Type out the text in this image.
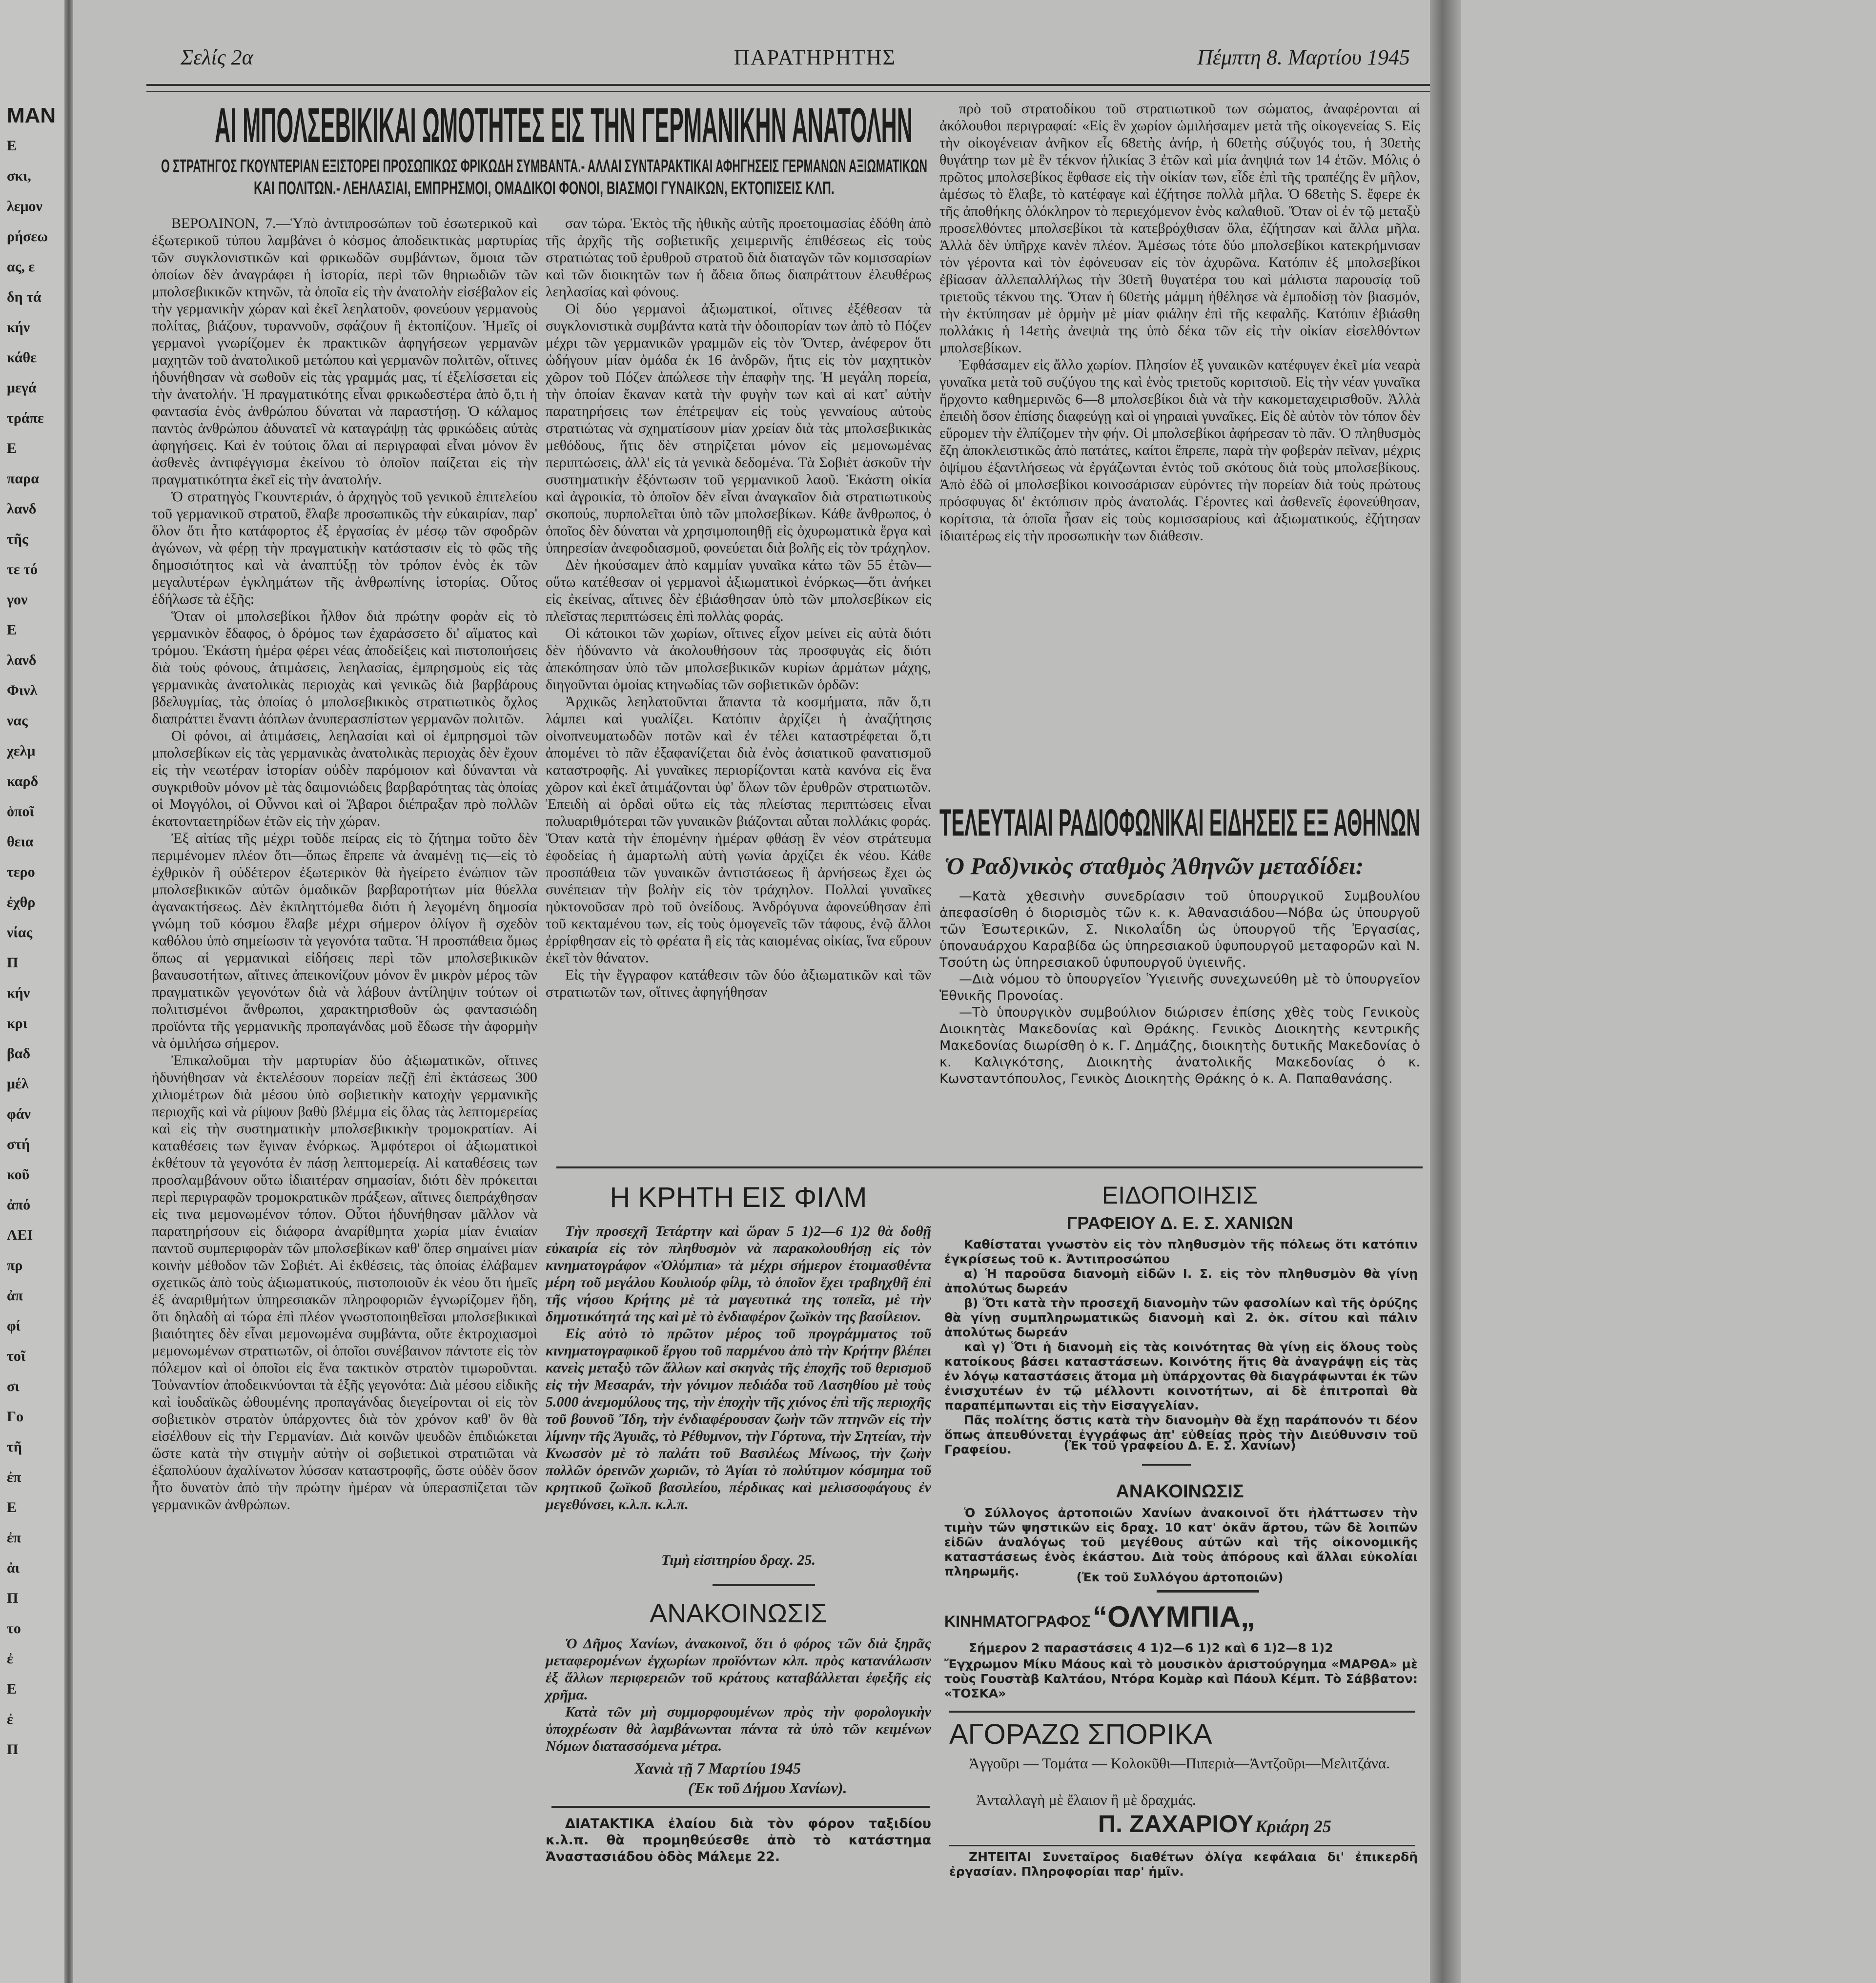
ΜΑΝ
Ε
σκι,
λεμον
ρήσεω
ας, ε
δη τά
κήν
κάθε
μεγά
τράπε
Ε
παρα
λανδ
τῆς
τε τό
γον
Ε
λανδ
Φινλ
νας
χελμ
καρδ
ὁποῖ
θεια
τερο
ἐχθρ
νίας
Π
κήν
κρι
βαδ
μέλ
φάν
στή
κοῦ
ἀπό
ΛΕΙ
πρ
ἀπ
φί
τοῖ
σι
Γο
τῆ
ἐπ
Ε
ἐπ
ἀι
Π
το
ἐ
Ε
ἐ
Π
Σελίς 2α	ΠΑΡΑΤΗΡΗΤΗΣ	Πέμπτη 8. Μαρτίου 1945
ΑΙ ΜΠΟΛΣΕΒΙΚΙΚΑΙ ΩΜΟΤΗΤΕΣ ΕΙΣ ΤΗΝ ΓΕΡΜΑΝΙΚΗΝ ΑΝΑΤΟΛΗΝ
Ο ΣΤΡΑΤΗΓΟΣ ΓΚΟΥΝΤΕΡΙΑΝ ΕΞΙΣΤΟΡΕΙ ΠΡΟΣΩΠΙΚΩΣ ΦΡΙΚΩΔΗ ΣΥΜΒΑΝΤΑ.- ΑΛΛΑΙ ΣΥΝΤΑΡΑΚΤΙΚΑΙ ΑΦΗΓΗΣΕΙΣ ΓΕΡΜΑΝΩΝ ΑΞΙΩΜΑΤΙΚΩΝ
ΚΑΙ ΠΟΛΙΤΩΝ.- ΛΕΗΛΑΣΙΑΙ, ΕΜΠΡΗΣΜΟΙ, ΟΜΑΔΙΚΟΙ ΦΟΝΟΙ, ΒΙΑΣΜΟΙ ΓΥΝΑΙΚΩΝ, ΕΚΤΟΠΙΣΕΙΣ ΚΛΠ.

ΒΕΡΟΛΙΝΟΝ, 7.—Ὑπὸ ἀντιπροσώπων τοῦ ἐσωτερικοῦ καὶ ἐξωτερικοῦ τύπου λαμβάνει ὁ κόσμος ἀποδεικτικὰς μαρτυρίας τῶν συγκλονιστικῶν καὶ φρικωδῶν συμβάντων, ὅμοια τῶν ὁποίων δὲν ἀναγράφει ἡ ἱστορία, περὶ τῶν θηριωδιῶν τῶν μπολσεβικικῶν κτηνῶν, τὰ ὁποῖα εἰς τὴν ἀνατολὴν εἰσέβαλον εἰς τὴν γερμανικὴν χώραν καὶ ἐκεῖ λεηλατοῦν, φονεύουν γερμανοὺς πολίτας, βιάζουν, τυραννοῦν, σφάζουν ἢ ἐκτοπίζουν. Ἡμεῖς οἱ γερμανοὶ γνωρίζομεν ἐκ πρακτικῶν ἀφηγήσεων γερμανῶν μαχητῶν τοῦ ἀνατολικοῦ μετώπου καὶ γερμανῶν πολιτῶν, οἵτινες ἠδυνήθησαν νὰ σωθοῦν εἰς τὰς γραμμάς μας, τί ἐξελίσσεται εἰς τὴν ἀνατολήν. Ἡ πραγματικότης εἶναι φρικωδεστέρα ἀπὸ ὅ,τι ἡ φαντασία ἑνὸς ἀνθρώπου δύναται νὰ παραστήσῃ. Ὁ κάλαμος παντὸς ἀνθρώπου ἀδυνατεῖ νὰ καταγράψῃ τὰς φρικώδεις αὐτὰς ἀφηγήσεις. Καὶ ἐν τούτοις ὅλαι αἱ περιγραφαὶ εἶναι μόνον ἓν ἀσθενὲς ἀντιφέγγισμα ἐκείνου τὸ ὁποῖον παίζεται εἰς τὴν πραγματικότητα ἐκεῖ εἰς τὴν ἀνατολήν.

Ὁ στρατηγὸς Γκουντεριάν, ὁ ἀρχηγὸς τοῦ γενικοῦ ἐπιτελείου τοῦ γερμανικοῦ στρατοῦ, ἔλαβε προσωπικῶς τὴν εὐκαιρίαν, παρ' ὅλον ὅτι ἦτο κατάφορτος ἐξ ἐργασίας ἐν μέσῳ τῶν σφοδρῶν ἀγώνων, νὰ φέρῃ τὴν πραγματικὴν κατάστασιν εἰς τὸ φῶς τῆς δημοσιότητος καὶ νὰ ἀναπτύξῃ τὸν τρόπον ἑνὸς ἐκ τῶν μεγαλυτέρων ἐγκλημάτων τῆς ἀνθρωπίνης ἱστορίας. Οὗτος ἐδήλωσε τὰ ἑξῆς:

Ὅταν οἱ μπολσεβίκοι ἦλθον διὰ πρώτην φορὰν εἰς τὸ γερμανικὸν ἔδαφος, ὁ δρόμος των ἐχαράσσετο δι' αἵματος καὶ τρόμου. Ἑκάστη ἡμέρα φέρει νέας ἀποδείξεις καὶ πιστοποιήσεις διὰ τοὺς φόνους, ἀτιμάσεις, λεηλασίας, ἐμπρησμοὺς εἰς τὰς γερμανικὰς ἀνατολικὰς περιοχὰς καὶ γενικῶς διὰ βαρβάρους βδελυγμίας, τὰς ὁποίας ὁ μπολσεβικικὸς στρατιωτικὸς ὄχλος διαπράττει ἔναντι ἀόπλων ἀνυπερασπίστων γερμανῶν πολιτῶν.

Οἱ φόνοι, αἱ ἀτιμάσεις, λεηλασίαι καὶ οἱ ἐμπρησμοὶ τῶν μπολσεβίκων εἰς τὰς γερμανικὰς ἀνατολικὰς περιοχὰς δὲν ἔχουν εἰς τὴν νεωτέραν ἱστορίαν οὐδὲν παρόμοιον καὶ δύνανται νὰ συγκριθοῦν μόνον μὲ τὰς δαιμονιώδεις βαρβαρότητας τὰς ὁποίας οἱ Μογγόλοι, οἱ Οὖννοι καὶ οἱ Ἄβαροι διέπραξαν πρὸ πολλῶν ἑκατονταετηρίδων ἐτῶν εἰς τὴν χώραν.

Ἐξ αἰτίας τῆς μέχρι τοῦδε πείρας εἰς τὸ ζήτημα τοῦτο δὲν περιμένομεν πλέον ὅτι—ὅπως ἔπρεπε νὰ ἀναμένῃ τις—εἰς τὸ ἐχθρικὸν ἢ οὐδέτερον ἐξωτερικὸν θὰ ἠγείρετο ἐνώπιον τῶν μπολσεβικικῶν αὐτῶν ὁμαδικῶν βαρβαροτήτων μία θύελλα ἀγανακτήσεως. Δὲν ἐκπληττόμεθα διότι ἡ λεγομένη δημοσία γνώμη τοῦ κόσμου ἔλαβε μέχρι σήμερον ὀλίγον ἢ σχεδὸν καθόλου ὑπὸ σημείωσιν τὰ γεγονότα ταῦτα. Ἡ προσπάθεια ὅμως ὅπως αἱ γερμανικαὶ εἰδήσεις περὶ τῶν μπολσεβικικῶν βαναυσοτήτων, αἵτινες ἀπεικονίζουν μόνον ἓν μικρὸν μέρος τῶν πραγματικῶν γεγονότων διὰ νὰ λάβουν ἀντίληψιν τούτων οἱ πολιτισμένοι ἄνθρωποι, χαρακτηρισθοῦν ὡς φαντασιώδη προϊόντα τῆς γερμανικῆς προπαγάνδας μοῦ ἔδωσε τὴν ἀφορμὴν νὰ ὁμιλήσω σήμερον.

Ἐπικαλοῦμαι τὴν μαρτυρίαν δύο ἀξιωματικῶν, οἵτινες ἠδυνήθησαν νὰ ἐκτελέσουν πορείαν πεζῇ ἐπὶ ἐκτάσεως 300 χιλιομέτρων διὰ μέσου ὑπὸ σοβιετικὴν κατοχὴν γερμανικῆς περιοχῆς καὶ νὰ ρίψουν βαθὺ βλέμμα εἰς ὅλας τὰς λεπτομερείας καὶ εἰς τὴν συστηματικὴν μπολσεβικικὴν τρομοκρατίαν. Αἱ καταθέσεις των ἔγιναν ἐνόρκως. Ἀμφότεροι οἱ ἀξιωματικοὶ ἐκθέτουν τὰ γεγονότα ἐν πάσῃ λεπτομερείᾳ. Αἱ καταθέσεις των προσλαμβάνουν οὕτω ἰδιαιτέραν σημασίαν, διότι δὲν πρόκειται περὶ περιγραφῶν τρομοκρατικῶν πράξεων, αἵτινες διεπράχθησαν εἰς τινα μεμονωμένον τόπον. Οὗτοι ἠδυνήθησαν μᾶλλον νὰ παρατηρήσουν εἰς διάφορα ἀναρίθμητα χωρία μίαν ἑνιαίαν παντοῦ συμπεριφορὰν τῶν μπολσεβίκων καθ' ὅπερ σημαίνει μίαν κοινὴν μέθοδον τῶν Σοβιέτ. Αἱ ἐκθέσεις, τὰς ὁποίας ἐλάβαμεν σχετικῶς ἀπὸ τοὺς ἀξιωματικούς, πιστοποιοῦν ἐκ νέου ὅτι ἡμεῖς ἐξ ἀναριθμήτων ὑπηρεσιακῶν πληροφοριῶν ἐγνωρίζομεν ἤδη, ὅτι δηλαδὴ αἱ τώρα ἐπὶ πλέον γνωστοποιηθεῖσαι μπολσεβικικαὶ βιαιότητες δὲν εἶναι μεμονωμένα συμβάντα, οὔτε ἐκτροχιασμοὶ μεμονωμένων στρατιωτῶν, οἱ ὁποῖοι συνέβαινον πάντοτε εἰς τὸν πόλεμον καὶ οἱ ὁποῖοι εἰς ἕνα τακτικὸν στρατὸν τιμωροῦνται. Τοὐναντίον ἀποδεικνύονται τὰ ἑξῆς γεγονότα: Διὰ μέσου εἰδικῆς καὶ ἰουδαϊκῶς ὠθουμένης προπαγάνδας διεγείρονται οἱ εἰς τὸν σοβιετικὸν στρατὸν ὑπάρχοντες διὰ τὸν χρόνον καθ' ὃν θὰ εἰσέλθουν εἰς τὴν Γερμανίαν. Διὰ κοινῶν ψευδῶν ἐπιδιώκεται ὥστε κατὰ τὴν στιγμὴν αὐτὴν οἱ σοβιετικοὶ στρατιῶται νὰ ἐξαπολύουν ἀχαλίνωτον λύσσαν καταστροφῆς, ὥστε οὐδὲν ὅσον ἦτο δυνατὸν ἀπὸ τὴν πρώτην ἡμέραν νὰ ὑπερασπίζεται τῶν γερμανικῶν ἀνθρώπων.

σαν τώρα. Ἐκτὸς τῆς ἠθικῆς αὐτῆς προετοιμασίας ἐδόθη ἀπὸ τῆς ἀρχῆς τῆς σοβιετικῆς χειμερινῆς ἐπιθέσεως εἰς τοὺς στρατιώτας τοῦ ἐρυθροῦ στρατοῦ διὰ διαταγῶν τῶν κομισσαρίων καὶ τῶν διοικητῶν των ἡ ἄδεια ὅπως διαπράττουν ἐλευθέρως λεηλασίας καὶ φόνους.

Οἱ δύο γερμανοὶ ἀξιωματικοί, οἵτινες ἐξέθεσαν τὰ συγκλονιστικὰ συμβάντα κατὰ τὴν ὁδοιπορίαν των ἀπὸ τὸ Πόζεν μέχρι τῶν γερμανικῶν γραμμῶν εἰς τὸν Ὄντερ, ἀνέφερον ὅτι ὡδήγουν μίαν ὁμάδα ἐκ 16 ἀνδρῶν, ἥτις εἰς τὸν μαχητικὸν χῶρον τοῦ Πόζεν ἀπώλεσε τὴν ἐπαφὴν της. Ἡ μεγάλη πορεία, τὴν ὁποίαν ἔκαναν κατὰ τὴν φυγὴν των καὶ αἱ κατ' αὐτὴν παρατηρήσεις των ἐπέτρεψαν εἰς τοὺς γενναίους αὐτοὺς στρατιώτας νὰ σχηματίσουν μίαν χρείαν διὰ τὰς μπολσεβικικὰς μεθόδους, ἥτις δὲν στηρίζεται μόνον εἰς μεμονωμένας περιπτώσεις, ἀλλ' εἰς τὰ γενικὰ δεδομένα. Τὰ Σοβιὲτ ἀσκοῦν τὴν συστηματικὴν ἐξόντωσιν τοῦ γερμανικοῦ λαοῦ. Ἑκάστη οἰκία καὶ ἀγροικία, τὸ ὁποῖον δὲν εἶναι ἀναγκαῖον διὰ στρατιωτικοὺς σκοπούς, πυρπολεῖται ὑπὸ τῶν μπολσεβίκων. Κάθε ἄνθρωπος, ὁ ὁποῖος δὲν δύναται νὰ χρησιμοποιηθῇ εἰς ὀχυρωματικὰ ἔργα καὶ ὑπηρεσίαν ἀνεφοδιασμοῦ, φονεύεται διὰ βολῆς εἰς τὸν τράχηλον.

Δὲν ἠκούσαμεν ἀπὸ καμμίαν γυναῖκα κάτω τῶν 55 ἐτῶν—οὕτω κατέθεσαν οἱ γερμανοὶ ἀξιωματικοὶ ἐνόρκως—ὅτι ἀνήκει εἰς ἐκείνας, αἵτινες δὲν ἐβιάσθησαν ὑπὸ τῶν μπολσεβίκων εἰς πλεῖστας περιπτώσεις ἐπὶ πολλὰς φοράς.

Οἱ κάτοικοι τῶν χωρίων, οἵτινες εἶχον μείνει εἰς αὐτὰ διότι δὲν ἠδύναντο νὰ ἀκολουθήσουν τὰς προσφυγὰς εἰς διότι ἀπεκόπησαν ὑπὸ τῶν μπολσεβικικῶν κυρίων ἁρμάτων μάχης, διηγοῦνται ὁμοίας κτηνωδίας τῶν σοβιετικῶν ὁρδῶν:

Ἀρχικῶς λεηλατοῦνται ἅπαντα τὰ κοσμήματα, πᾶν ὅ,τι λάμπει καὶ γυαλίζει. Κατόπιν ἀρχίζει ἡ ἀναζήτησις οἰνοπνευματωδῶν ποτῶν καὶ ἐν τέλει καταστρέφεται ὅ,τι ἀπομένει τὸ πᾶν ἐξαφανίζεται διὰ ἐνὸς ἀσιατικοῦ φανατισμοῦ καταστροφῆς. Αἱ γυναῖκες περιορίζονται κατὰ κανόνα εἰς ἕνα χῶρον καὶ ἐκεῖ ἀτιμάζονται ὑφ' ὅλων τῶν ἐρυθρῶν στρατιωτῶν. Ἐπειδὴ αἱ ὁρδαὶ οὕτω εἰς τὰς πλείστας περιπτώσεις εἶναι πολυαριθμότεραι τῶν γυναικῶν βιάζονται αὗται πολλάκις φοράς. Ὅταν κατὰ τὴν ἑπομένην ἡμέραν φθάσῃ ἓν νέον στράτευμα ἐφοδείας ἡ ἁμαρτωλὴ αὐτὴ γωνία ἀρχίζει ἐκ νέου. Κάθε προσπάθεια τῶν γυναικῶν ἀντιστάσεως ἢ ἀρνήσεως ἔχει ὡς συνέπειαν τὴν βολὴν εἰς τὸν τράχηλον. Πολλαὶ γυναῖκες ηὐκτονοῦσαν πρὸ τοῦ ὀνείδους. Ἀνδρόγυνα ἀφονεύθησαν ἐπὶ τοῦ κεκταμένου των, εἰς τοὺς ὁμογενεῖς τῶν τάφους, ἐνῷ ἄλλοι ἐρρίφθησαν εἰς τὸ φρέατα ἢ εἰς τὰς καιομένας οἰκίας, ἵνα εὕρουν ἐκεῖ τὸν θάνατον.

Εἰς τὴν ἔγγραφον κατάθεσιν τῶν δύο ἀξιωματικῶν καὶ τῶν στρατιωτῶν των, οἵτινες ἀφηγήθησαν

πρὸ τοῦ στρατοδίκου τοῦ στρατιωτικοῦ των σώματος, ἀναφέρονται αἱ ἀκόλουθοι περιγραφαί: «Εἰς ἓν χωρίον ὡμιλήσαμεν μετὰ τῆς οἰκογενείας S. Εἰς τὴν οἰκογένειαν ἀνῆκον εἷς 68ετὴς ἀνήρ, ἡ 60ετὴς σύζυγός του, ἡ 30ετὴς θυγάτηρ των μὲ ἓν τέκνον ἡλικίας 3 ἐτῶν καὶ μία ἀνηψιά των 14 ἐτῶν. Μόλις ὁ πρῶτος μπολσεβίκος ἔφθασε εἰς τὴν οἰκίαν των, εἶδε ἐπὶ τῆς τραπέζης ἓν μῆλον, ἀμέσως τὸ ἔλαβε, τὸ κατέφαγε καὶ ἐζήτησε πολλὰ μῆλα. Ὁ 68ετὴς S. ἔφερε ἐκ τῆς ἀποθήκης ὁλόκληρον τὸ περιεχόμενον ἑνὸς καλαθιοῦ. Ὅταν οἱ ἐν τῷ μεταξὺ προσελθόντες μπολσεβίκοι τὰ κατεβρόχθισαν ὅλα, ἐζήτησαν καὶ ἄλλα μῆλα. Ἀλλὰ δὲν ὑπῆρχε κανὲν πλέον. Ἀμέσως τότε δύο μπολσεβίκοι κατεκρήμνισαν τὸν γέροντα καὶ τὸν ἐφόνευσαν εἰς τὸν ἀχυρῶνα. Κατόπιν ἐξ μπολσεβίκοι ἐβίασαν ἀλλεπαλλήλως τὴν 30ετῆ θυγατέρα του καὶ μάλιστα παρουσίᾳ τοῦ τριετοῦς τέκνου της. Ὅταν ἡ 60ετὴς μάμμη ἠθέλησε νὰ ἐμποδίσῃ τὸν βιασμόν, τὴν ἐκτύπησαν μὲ ὁρμὴν μὲ μίαν φιάλην ἐπὶ τῆς κεφαλῆς. Κατόπιν ἐβιάσθη πολλάκις ἡ 14ετὴς ἀνεψιὰ της ὑπὸ δέκα τῶν εἰς τὴν οἰκίαν εἰσελθόντων μπολσεβίκων.

Ἐφθάσαμεν εἰς ἄλλο χωρίον. Πλησίον ἐξ γυναικῶν κατέφυγεν ἐκεῖ μία νεαρὰ γυναῖκα μετὰ τοῦ συζύγου της καὶ ἑνὸς τριετοῦς κοριτσιοῦ. Εἰς τὴν νέαν γυναῖκα ἤρχοντο καθημερινῶς 6—8 μπολσεβίκοι διὰ νὰ τὴν κακομεταχειρισθοῦν. Ἀλλὰ ἐπειδὴ ὅσον ἐπίσης διαφεύγῃ καὶ οἱ γηραιαὶ γυναῖκες. Εἰς δὲ αὐτὸν τὸν τόπον δὲν εὕρομεν τὴν ἐλπίζομεν τὴν φήν. Οἱ μπολσεβίκοι ἀφήρεσαν τὸ πᾶν. Ὁ πληθυσμὸς ἔζη ἀποκλειστικῶς ἀπὸ πατάτες, καίτοι ἔπρεπε, παρὰ τὴν φοβερὰν πεῖναν, μέχρις ὀψίμου ἐξαντλήσεως νὰ ἐργάζωνται ἐντὸς τοῦ σκότους διὰ τοὺς μπολσεβίκους. Ἀπὸ ἐδῶ οἱ μπολσεβίκοι κοινοσάρισαν εὑρόντες τὴν πορείαν διὰ τοὺς πρώτους πρόσφυγας δι' ἐκτόπισιν πρὸς ἀνατολάς. Γέροντες καὶ ἀσθενεῖς ἐφονεύθησαν, κορίτσια, τὰ ὁποῖα ἦσαν εἰς τοὺς κομισσαρίους καὶ ἀξιωματικούς, ἐζήτησαν ἰδιαιτέρως εἰς τὴν προσωπικὴν των διάθεσιν.

ΤΕΛΕΥΤΑΙΑΙ ΡΑΔΙΟΦΩΝΙΚΑΙ ΕΙΔΗΣΕΙΣ ΕΞ ΑΘΗΝΩΝ
Ὁ Ραδ)νικὸς σταθμὸς Ἀθηνῶν μεταδίδει:

—Κατὰ χθεσινὴν συνεδρίασιν τοῦ ὑπουργικοῦ Συμβουλίου ἀπεφασίσθη ὁ διορισμὸς τῶν κ. κ. Ἀθανασιάδου—Νόβα ὡς ὑπουργοῦ τῶν Ἐσωτερικῶν, Σ. Νικολαΐδη ὡς ὑπουργοῦ τῆς Ἐργασίας, ὑποναυάρχου Καραβίδα ὡς ὑπηρεσιακοῦ ὑφυπουργοῦ μεταφορῶν καὶ Ν. Τσούτη ὡς ὑπηρεσιακοῦ ὑφυπουργοῦ ὑγιεινῆς.

—Διὰ νόμου τὸ ὑπουργεῖον Ὑγιεινῆς συνεχωνεύθη μὲ τὸ ὑπουργεῖον Ἐθνικῆς Προνοίας.

—Τὸ ὑπουργικὸν συμβούλιον διώρισεν ἐπίσης χθὲς τοὺς Γενικοὺς Διοικητὰς Μακεδονίας καὶ Θράκης. Γενικὸς Διοικητὴς κεντρικῆς Μακεδονίας διωρίσθη ὁ κ. Γ. Δημάζης, διοικητὴς δυτικῆς Μακεδονίας ὁ κ. Καλιγκότσης, Διοικητὴς ἀνατολικῆς Μακεδονίας ὁ κ. Κωνσταντόπουλος, Γενικὸς Διοικητὴς Θράκης ὁ κ. Α. Παπαθανάσης.

Η ΚΡΗΤΗ ΕΙΣ ΦΙΛΜ

Τὴν προσεχῆ Τετάρτην καὶ ὥραν 5 1)2—6 1)2 θὰ δοθῇ εὐκαιρία εἰς τὸν πληθυσμὸν νὰ παρακολουθήσῃ εἰς τὸν κινηματογράφον «Ὀλύμπια» τὰ μέχρι σήμερον ἑτοιμασθέντα μέρη τοῦ μεγάλου Κουλιούρ φίλμ, τὸ ὁποῖον ἔχει τραβηχθῆ ἐπὶ τῆς νήσου Κρήτης μὲ τὰ μαγευτικά της τοπεῖα, μὲ τὴν δημοτικότητά της καὶ μὲ τὸ ἐνδιαφέρον ζωϊκὸν της βασίλειον.

Εἰς αὐτὸ τὸ πρῶτον μέρος τοῦ προγράμματος τοῦ κινηματογραφικοῦ ἔργου τοῦ παρμένου ἀπὸ τὴν Κρήτην βλέπει κανεὶς μεταξὺ τῶν ἄλλων καὶ σκηνὰς τῆς ἐποχῆς τοῦ θερισμοῦ εἰς τὴν Μεσαράν, τὴν γόνιμον πεδιάδα τοῦ Λασηθίου μὲ τοὺς 5.000 ἀνεμομύλους της, τὴν ἐποχὴν τῆς χιόνος ἐπὶ τῆς περιοχῆς τοῦ βουνοῦ Ἴδη, τὴν ἐνδιαφέρουσαν ζωὴν τῶν πτηνῶν εἰς τὴν λίμνην τῆς Ἀγυιᾶς, τὸ Ρέθυμνον, τὴν Γόρτυνα, τὴν Σητείαν, τὴν Κνωσσὸν μὲ τὸ παλάτι τοῦ Βασιλέως Μίνωος, τὴν ζωὴν πολλῶν ὀρεινῶν χωριῶν, τὸ Ἀγίαι τὸ πολύτιμον κόσμημα τοῦ κρητικοῦ ζωϊκοῦ βασιλείου, πέρδικας καὶ μελισσοφάγους ἐν μεγεθύνσει, κ.λ.π. κ.λ.π.

Τιμὴ εἰσιτηρίου δραχ. 25.
ΑΝΑΚΟΙΝΩΣΙΣ

Ὁ Δῆμος Χανίων, ἀνακοινοῖ, ὅτι ὁ φόρος τῶν διὰ ξηρᾶς μεταφερομένων ἐγχωρίων προϊόντων κλπ. πρὸς κατανάλωσιν ἐξ ἄλλων περιφερειῶν τοῦ κράτους καταβάλλεται ἐφεξῆς εἰς χρῆμα.

Κατὰ τῶν μὴ συμμορφουμένων πρὸς τὴν φορολογικὴν ὑποχρέωσιν θὰ λαμβάνωνται πάντα τὰ ὑπὸ τῶν κειμένων Νόμων διατασσόμενα μέτρα.

Χανιὰ τῇ 7 Μαρτίου 1945
(Ἐκ τοῦ Δήμου Χανίων).

ΔΙΑΤΑΚΤΙΚΑ ἐλαίου διὰ τὸν φόρον ταξιδίου κ.λ.π. θὰ προμηθεύεσθε ἀπὸ τὸ κατάστημα Ἀναστασιάδου ὁδὸς Μάλεμε 22.

ΕΙΔΟΠΟΙΗΣΙΣ
ΓΡΑΦΕΙΟΥ Δ. Ε. Σ. ΧΑΝΙΩΝ

Καθίσταται γνωστὸν εἰς τὸν πληθυσμὸν τῆς πόλεως ὅτι κατόπιν ἐγκρίσεως τοῦ κ. Ἀντιπροσώπου

α) Ἡ παροῦσα διανομὴ εἰδῶν Ι. Σ. εἰς τὸν πληθυσμὸν θὰ γίνῃ ἀπολύτως δωρεάν

β) Ὅτι κατὰ τὴν προσεχῆ διανομὴν τῶν φασολίων καὶ τῆς ὀρύζης θὰ γίνῃ συμπληρωματικῶς διανομὴ καὶ 2. ὀκ. σίτου καὶ πάλιν ἀπολύτως δωρεάν

καὶ γ) Ὅτι ἡ διανομὴ εἰς τὰς κοινότητας θὰ γίνῃ εἰς ὅλους τοὺς κατοίκους βάσει καταστάσεων. Κοινότης ἥτις θὰ ἀναγράψῃ εἰς τὰς ἐν λόγῳ καταστάσεις ἄτομα μὴ ὑπάρχοντας θὰ διαγράφωνται ἐκ τῶν ἐνισχυτέων ἐν τῷ μέλλοντι κοινοτήτων, αἱ δὲ ἐπιτροπαὶ θὰ παραπέμπωνται εἰς τὴν Εἰσαγγελίαν.

Πᾶς πολίτης ὅστις κατὰ τὴν διανομὴν θὰ ἔχῃ παράπονόν τι δέον ὅπως ἀπευθύνεται ἐγγράφως ἀπ' εὐθείας πρὸς τὴν Διεύθυνσιν τοῦ Γραφείου.	(Ἐκ τοῦ γραφείου Δ. Ε. Σ. Χανίων)
ΑΝΑΚΟΙΝΩΣΙΣ

Ὁ Σύλλογος ἀρτοποιῶν Χανίων ἀνακοινοῖ ὅτι ἠλάττωσεν τὴν τιμὴν τῶν ψηστικῶν εἰς δραχ. 10 κατ' ὀκᾶν ἄρτου, τῶν δὲ λοιπῶν εἰδῶν ἀναλόγως τοῦ μεγέθους αὐτῶν καὶ τῆς οἰκονομικῆς καταστάσεως ἑνὸς ἑκάστου. Διὰ τοὺς ἀπόρους καὶ ἄλλαι εὐκολίαι πληρωμῆς.	(Ἐκ τοῦ Συλλόγου ἀρτοποιῶν)
ΚΙΝΗΜΑΤΟΓΡΑΦΟΣ “ΟΛΥΜΠΙΑ„
Σήμερον 2 παραστάσεις 4 1)2—6 1)2 καὶ 6 1)2—8 1)2

Ἔγχρωμον Μίκυ Μάους καὶ τὸ μουσικὸν ἀριστούργημα «ΜΑΡΘΑ» μὲ τοὺς Γουστὰβ Καλτάου, Ντόρα Κομὰρ καὶ Πάουλ Κέμπ. Τὸ Σάββατον: «ΤΟΣΚΑ»

ΑΓΟΡΑΖΩ ΣΠΟΡΙΚΑ

Ἀγγοῦρι — Τομάτα — Κολοκῦθι—Πιπεριὰ—Ἀντζοῦρι—Μελιτζάνα.

Ἀνταλλαγὴ μὲ ἔλαιον ἢ μὲ δραχμάς.
Π. ΖΑΧΑΡΙΟΥ Κριάρη 25

ΖΗΤΕΙΤΑΙ Συνεταῖρος διαθέτων ὀλίγα κεφάλαια δι' ἐπικερδῆ ἐργασίαν. Πληροφορίαι παρ' ἡμῖν.
